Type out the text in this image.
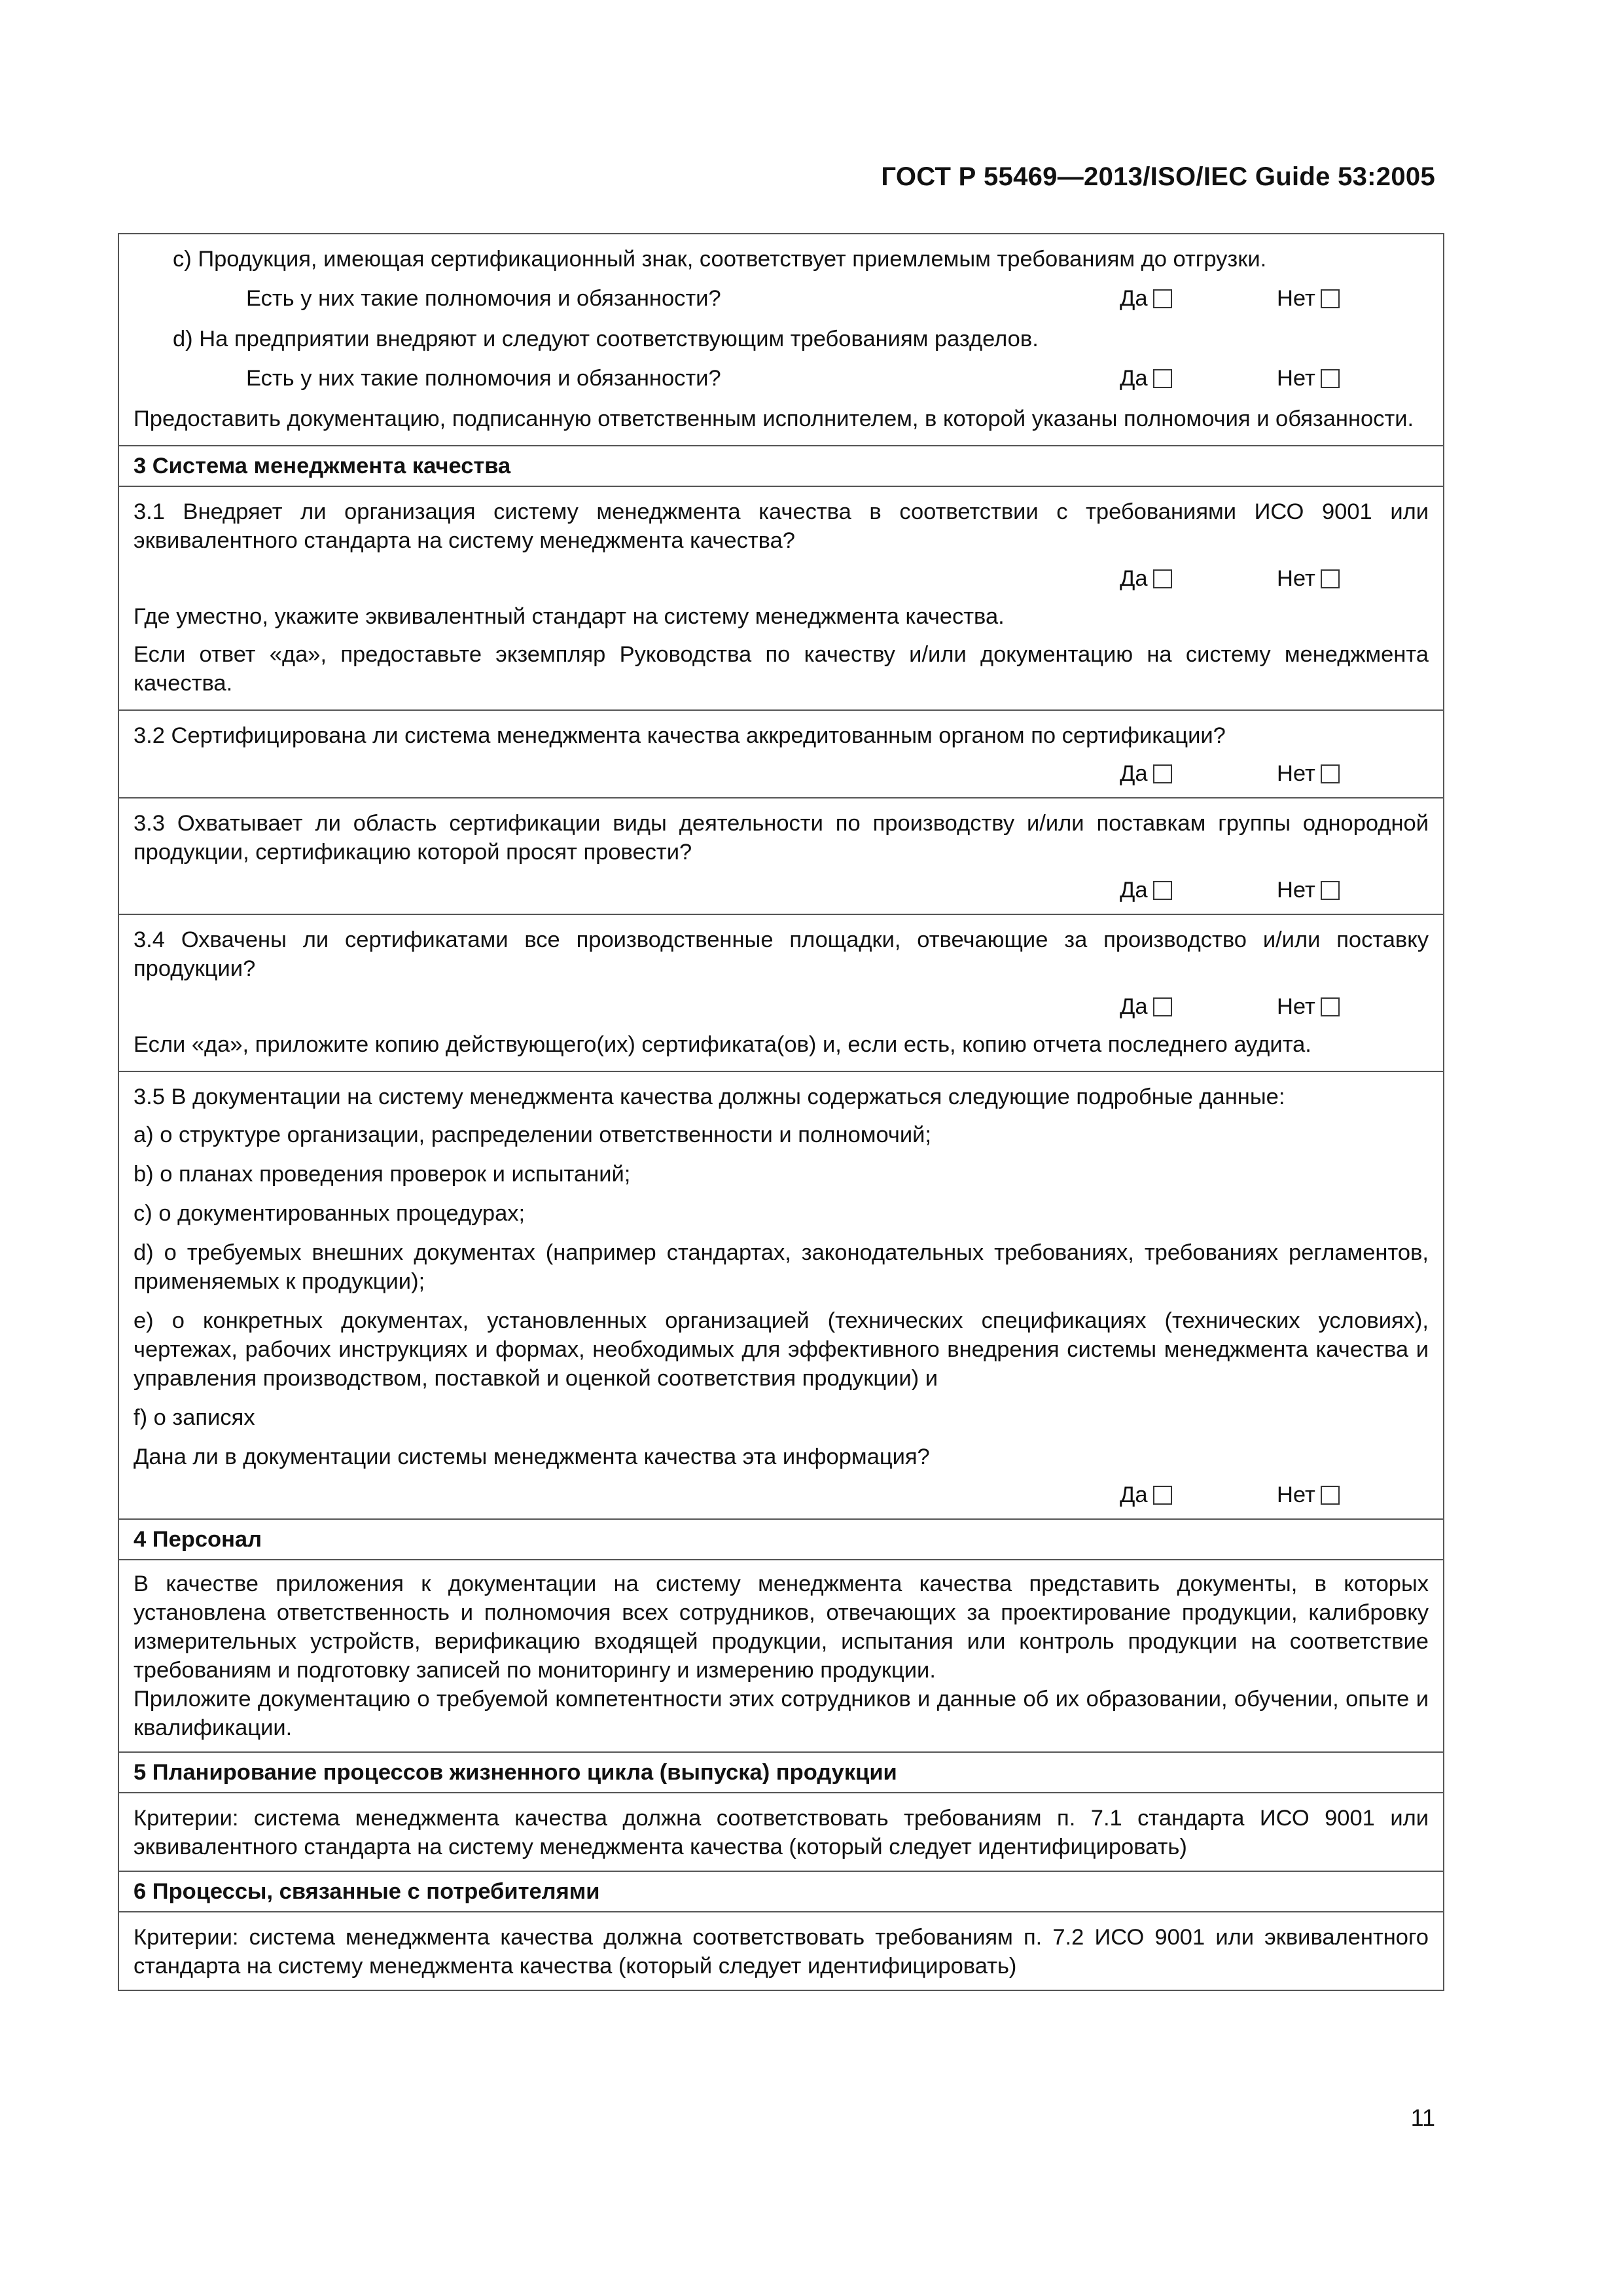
ГОСТ Р 55469—2013/ISO/IEC Guide 53:2005
c) Продукция, имеющая сертификационный знак, соответствует приемлемым требованиям до отгрузки.
Есть у них такие полномочия и обязанности?	Да	Нет
d) На предприятии внедряют и следуют соответствующим требованиям разделов.
Есть у них такие полномочия и обязанности?	Да	Нет
Предоставить документацию, подписанную ответственным исполнителем, в которой указаны полномочия и обязанности.
3 Система менеджмента качества
3.1 Внедряет ли организация систему менеджмента качества в соответствии с требованиями ИСО 9001 или эквивалентного стандарта на систему менеджмента качества?
Да	Нет
Где уместно, укажите эквивалентный стандарт на систему менеджмента качества.
Если ответ «да», предоставьте экземпляр Руководства по качеству и/или документацию на систему менеджмента качества.
3.2 Сертифицирована ли система менеджмента качества аккредитованным органом по сертификации?
Да	Нет
3.3 Охватывает ли область сертификации виды деятельности по производству и/или поставкам группы однородной продукции, сертификацию которой просят провести?
Да	Нет
3.4 Охвачены ли сертификатами все производственные площадки, отвечающие за производство и/или поставку продукции?
Да	Нет
Если «да», приложите копию действующего(их) сертификата(ов) и, если есть, копию отчета последнего аудита.
3.5 В документации на систему менеджмента качества должны содержаться следующие подробные данные:
a) о структуре организации, распределении ответственности и полномочий;
b) о планах проведения проверок и испытаний;
c) о документированных процедурах;
d) о требуемых внешних документах (например стандартах, законодательных требованиях, требованиях регламентов, применяемых к продукции);
e) о конкретных документах, установленных организацией (технических спецификациях (технических условиях), чертежах, рабочих инструкциях и формах, необходимых для эффективного внедрения системы менеджмента качества и управления производством, поставкой и оценкой соответствия продукции) и
f) о записях
Дана ли в документации системы менеджмента качества эта информация?
Да	Нет
4 Персонал
В качестве приложения к документации на систему менеджмента качества представить документы, в которых установлена ответственность и полномочия всех сотрудников, отвечающих за проектирование продукции, калибровку измерительных устройств, верификацию входящей продукции, испытания или контроль продукции на соответствие требованиям и подготовку записей по мониторингу и измерению продукции.
Приложите документацию о требуемой компетентности этих сотрудников и данные об их образовании, обучении, опыте и квалификации.
5 Планирование процессов жизненного цикла (выпуска) продукции
Критерии: система менеджмента качества должна соответствовать требованиям п. 7.1 стандарта ИСО 9001 или эквивалентного стандарта на систему менеджмента качества (который следует идентифицировать)
6 Процессы, связанные с потребителями
Критерии: система менеджмента качества должна соответствовать требованиям п. 7.2 ИСО 9001 или эквивалентного стандарта на систему менеджмента качества (который следует идентифицировать)
11
